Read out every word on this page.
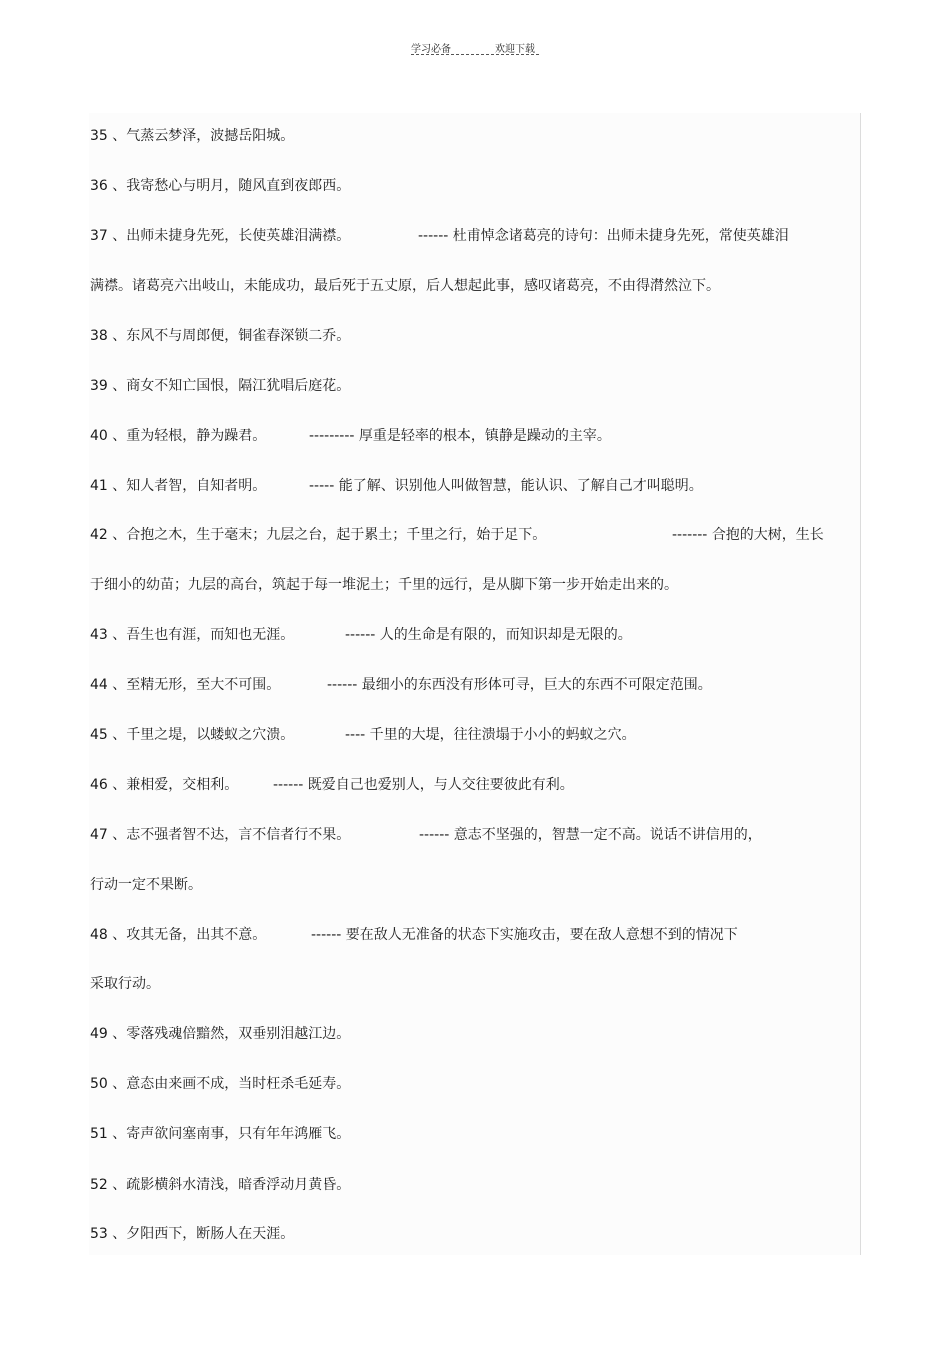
学习必备	欢迎下载
35 、气蒸云梦泽，波撼岳阳城。
36 、我寄愁心与明月，随风直到夜郎西。
37 、出师未捷身先死，长使英雄泪满襟。	------ 杜甫悼念诸葛亮的诗句：出师未捷身先死，常使英雄泪
满襟。诸葛亮六出岐山，未能成功，最后死于五丈原，后人想起此事，感叹诸葛亮，不由得潸然泣下。
38 、东风不与周郎便，铜雀春深锁二乔。
39 、商女不知亡国恨，隔江犹唱后庭花。
40 、重为轻根，静为躁君。	--------- 厚重是轻率的根本，镇静是躁动的主宰。
41 、知人者智，自知者明。	----- 能了解、识别他人叫做智慧，能认识、了解自己才叫聪明。
42 、合抱之木，生于毫末；九层之台，起于累土；千里之行，始于足下。	------- 合抱的大树，生长
于细小的幼苗；九层的高台，筑起于每一堆泥土；千里的远行，是从脚下第一步开始走出来的。
43 、吾生也有涯，而知也无涯。	------ 人的生命是有限的，而知识却是无限的。
44 、至精无形，至大不可围。	------ 最细小的东西没有形体可寻，巨大的东西不可限定范围。
45 、千里之堤，以蝼蚁之穴溃。	---- 千里的大堤，往往溃塌于小小的蚂蚁之穴。
46 、兼相爱，交相利。 ------ 既爱自己也爱别人，与人交往要彼此有利。
47 、志不强者智不达，言不信者行不果。	------ 意志不坚强的，智慧一定不高。说话不讲信用的，
行动一定不果断。
48 、攻其无备，出其不意。	------ 要在敌人无准备的状态下实施攻击，要在敌人意想不到的情况下
采取行动。
49 、零落残魂倍黯然，双垂别泪越江边。
50 、意态由来画不成，当时枉杀毛延寿。
51 、寄声欲问塞南事，只有年年鸿雁飞。
52 、疏影横斜水清浅，暗香浮动月黄昏。
53 、夕阳西下，断肠人在天涯。
